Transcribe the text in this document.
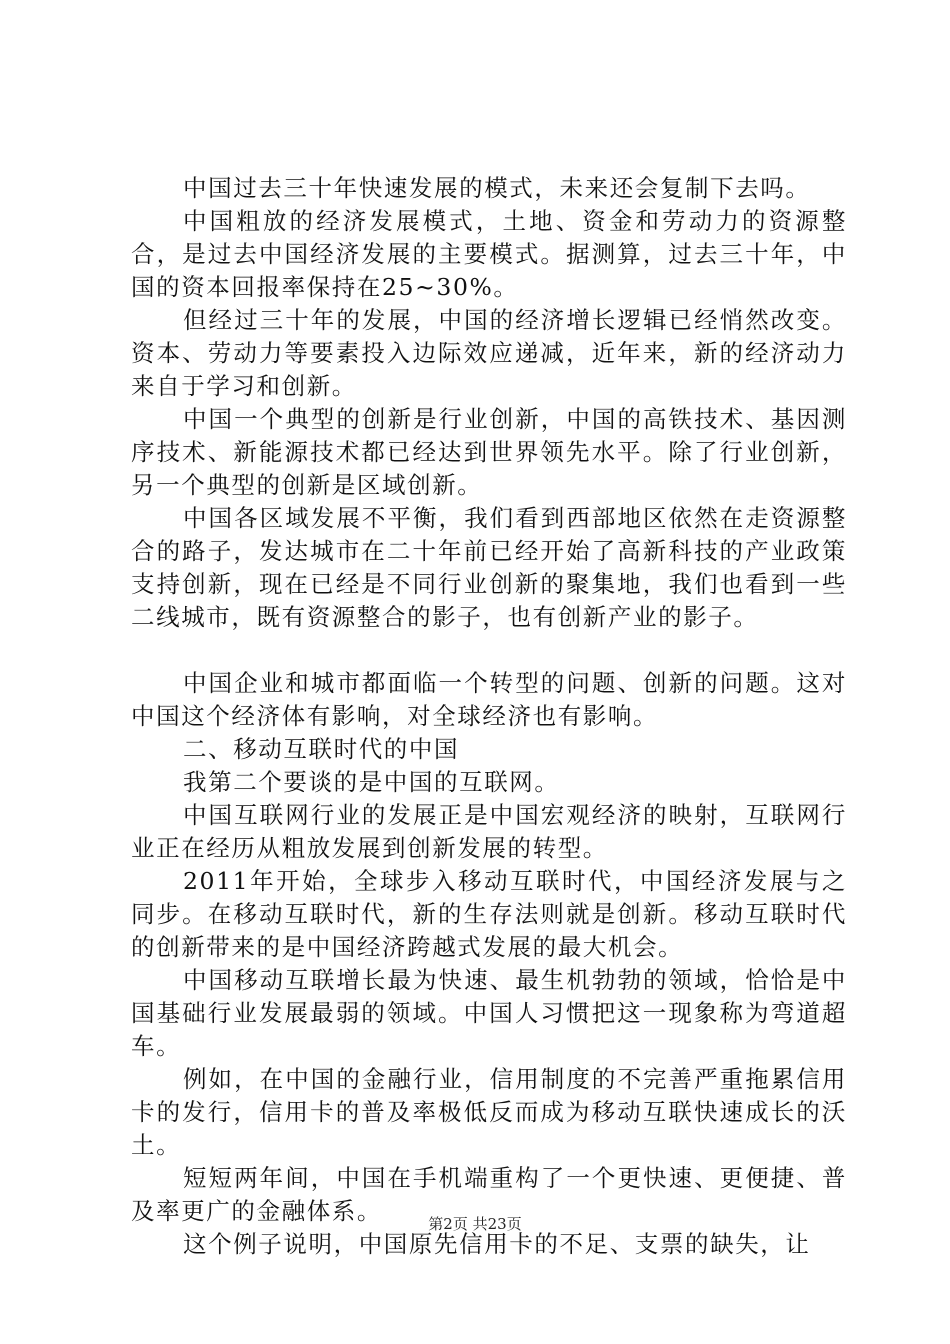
中国过去三十年快速发展的模式，未来还会复制下去吗。

中国粗放的经济发展模式，土地、资金和劳动力的资源整合，是过去中国经济发展的主要模式。据测算，过去三十年，中国的资本回报率保持在25~30%。

但经过三十年的发展，中国的经济增长逻辑已经悄然改变。资本、劳动力等要素投入边际效应递减，近年来，新的经济动力来自于学习和创新。

中国一个典型的创新是行业创新，中国的高铁技术、基因测序技术、新能源技术都已经达到世界领先水平。除了行业创新，另一个典型的创新是区域创新。

中国各区域发展不平衡，我们看到西部地区依然在走资源整合的路子，发达城市在二十年前已经开始了高新科技的产业政策支持创新，现在已经是不同行业创新的聚集地，我们也看到一些二线城市，既有资源整合的影子，也有创新产业的影子。

中国企业和城市都面临一个转型的问题、创新的问题。这对中国这个经济体有影响，对全球经济也有影响。

二、移动互联时代的中国

我第二个要谈的是中国的互联网。

中国互联网行业的发展正是中国宏观经济的映射，互联网行业正在经历从粗放发展到创新发展的转型。

2011年开始，全球步入移动互联时代，中国经济发展与之同步。在移动互联时代，新的生存法则就是创新。移动互联时代的创新带来的是中国经济跨越式发展的最大机会。

中国移动互联增长最为快速、最生机勃勃的领域，恰恰是中国基础行业发展最弱的领域。中国人习惯把这一现象称为弯道超车。

例如，在中国的金融行业，信用制度的不完善严重拖累信用卡的发行，信用卡的普及率极低反而成为移动互联快速成长的沃土。

短短两年间，中国在手机端重构了一个更快速、更便捷、普及率更广的金融体系。

这个例子说明，中国原先信用卡的不足、支票的缺失，让

第2页 共23页
